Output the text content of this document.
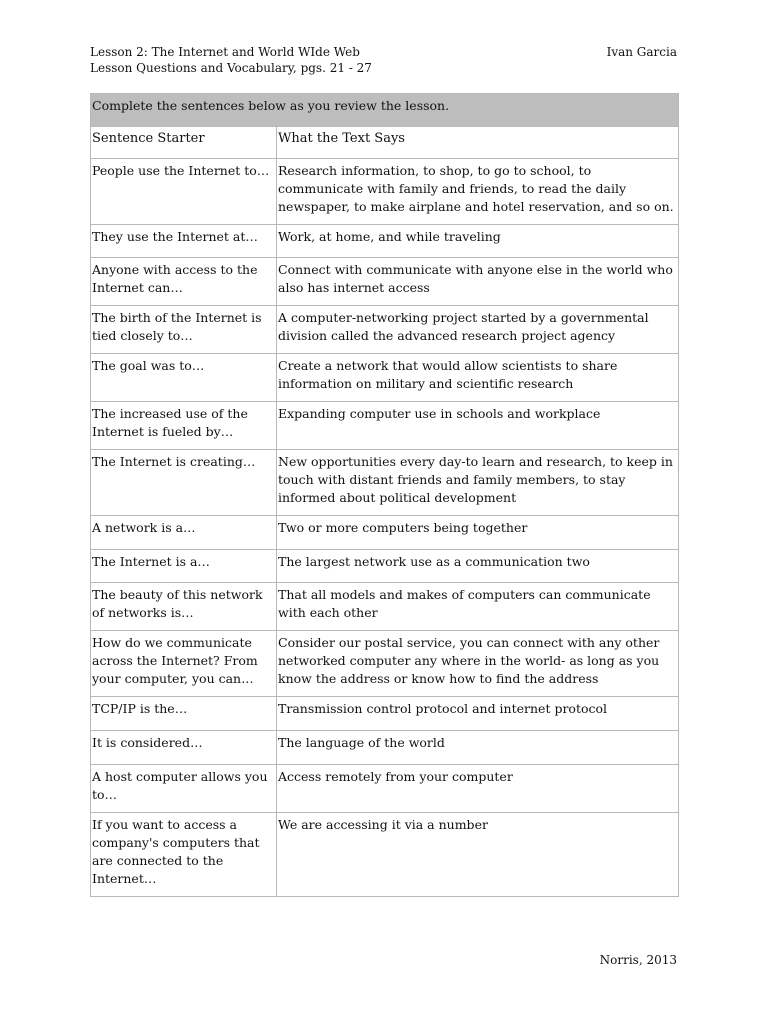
Lesson 2: The Internet and World WIde Web
Lesson Questions and Vocabulary, pgs. 21 - 27
Ivan Garcia
Complete the sentences below as you review the lesson.	
Sentence Starter	What the Text Says
People use the Internet to…	Research information, to shop, to go to school, to communicate with family and friends, to read the daily newspaper, to make airplane and hotel reservation, and so on.
They use the Internet at…	Work, at home, and while traveling
Anyone with access to the Internet can…	Connect with communicate with anyone else in the world who also has internet access
The birth of the Internet is tied closely to…	A computer-networking project started by a governmental division called the advanced research project agency
The goal was to…	Create a network that would allow scientists to share information on military and scientific research
The increased use of the Internet is fueled by…	Expanding computer use in schools and workplace
The Internet is creating…	New opportunities every day-to learn and research, to keep in touch with distant friends and family members, to stay informed about political development
A network is a…	Two or more computers being together
The Internet is a…	The largest network use as a communication two
The beauty of this network of networks is…	That all models and makes of computers can communicate with each other
How do we communicate across the Internet? From your computer, you can…	Consider our postal service, you can connect with any other networked computer any where in the world- as long as you know the address or know how to find the address
TCP/IP is the…	Transmission control protocol and internet protocol
It is considered…	The language of the world
A host computer allows you to…	Access remotely from your computer
If you want to access a company's computers that are connected to the Internet…	We are accessing it via a number
Norris, 2013
